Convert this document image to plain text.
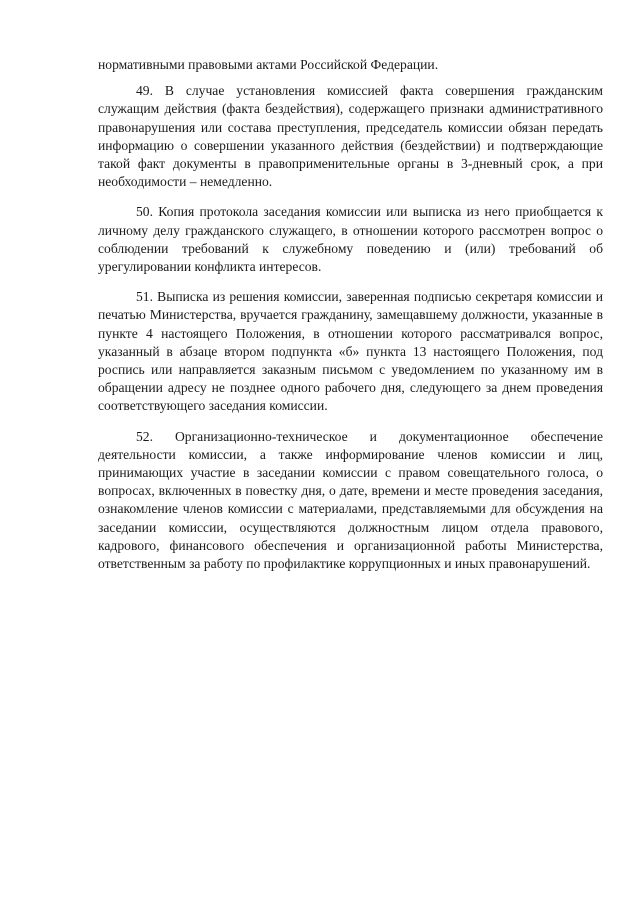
нормативными правовыми актами Российской Федерации.

49. В случае установления комиссией факта совершения гражданским служащим действия (факта бездействия), содержащего признаки административного правонарушения или состава преступления, председатель комиссии обязан передать информацию о совершении указанного действия (бездействии) и подтверждающие такой факт документы в правоприменительные органы в 3-дневный срок, а при необходимости – немедленно.

50. Копия протокола заседания комиссии или выписка из него приобщается к личному делу гражданского служащего, в отношении которого рассмотрен вопрос о соблюдении требований к служебному поведению и (или) требований об урегулировании конфликта интересов.

51. Выписка из решения комиссии, заверенная подписью секретаря комиссии и печатью Министерства, вручается гражданину, замещавшему должности, указанные в пункте 4 настоящего Положения, в отношении которого рассматривался вопрос, указанный в абзаце втором подпункта «б» пункта 13 настоящего Положения, под роспись или направляется заказным письмом с уведомлением по указанному им в обращении адресу не позднее одного рабочего дня, следующего за днем проведения соответствующего заседания комиссии.

52. Организационно-техническое и документационное обеспечение деятельности комиссии, а также информирование членов комиссии и лиц, принимающих участие в заседании комиссии с правом совещательного голоса, о вопросах, включенных в повестку дня, о дате, времени и месте проведения заседания, ознакомление членов комиссии с материалами, представляемыми для обсуждения на заседании комиссии, осуществляются должностным лицом отдела правового, кадрового, финансового обеспечения и организационной работы Министерства, ответственным за работу по профилактике коррупционных и иных правонарушений.
